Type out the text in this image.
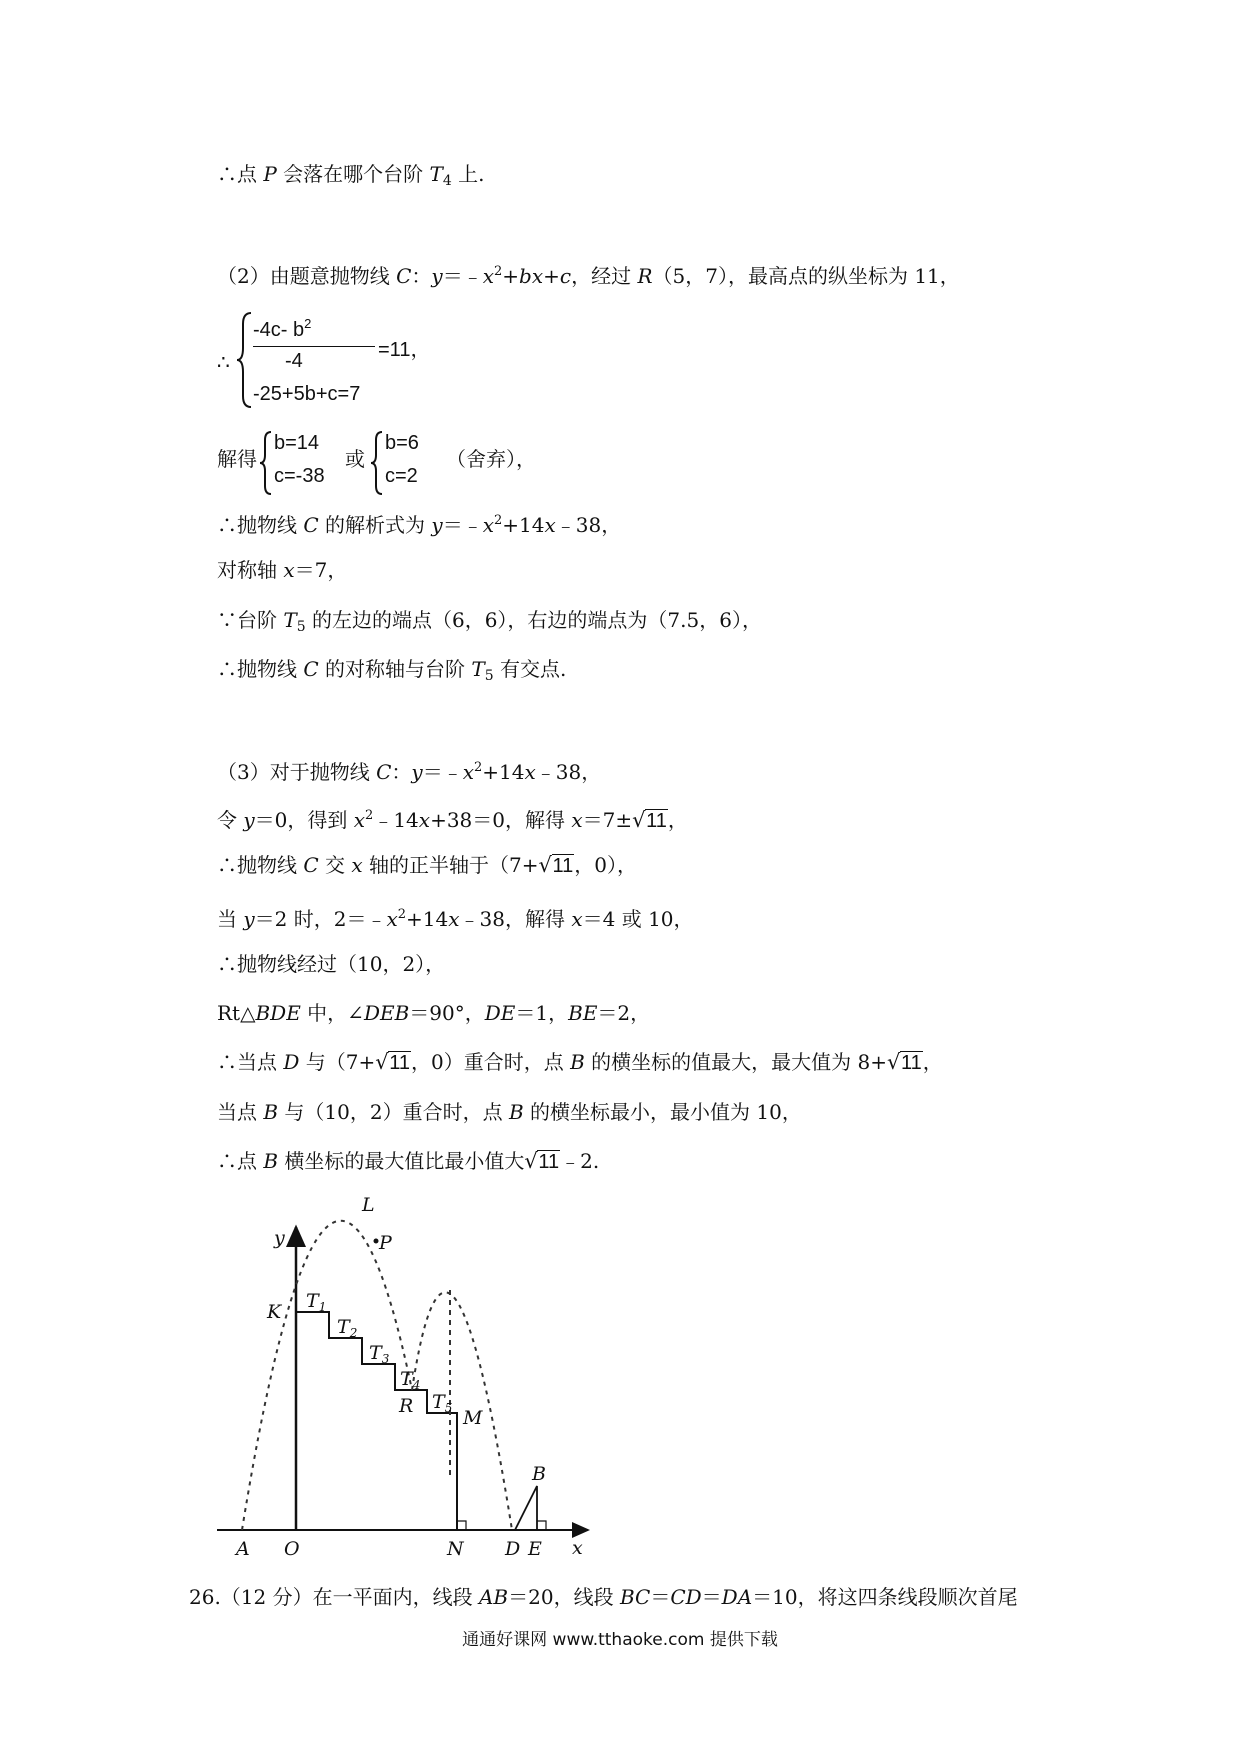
∴点 P 会落在哪个台阶 $T_4$ 上.
（2）由题意抛物线 C：$y=﹣x^2+bx+c$，经过 R（5，7），最高点的纵坐标为 11，
∴
-4c- $b^2$
-4	=11，
-25+5b+c=7
解得
b=14
c=-38
或
b=6
c=2
（舍弃），
∴抛物线 C 的解析式为 $y=﹣x^2+14x﹣38$，
对称轴 x＝7，
∵台阶 $T_5$ 的左边的端点（6，6），右边的端点为（7.5，6），
∴抛物线 C 的对称轴与台阶 $T_5$ 有交点.
（3）对于抛物线 C：$y=﹣x^2+14x﹣38$，
令 y＝0，得到 $x^2﹣14x+38=0$，解得 x＝7± √ 11，
∴抛物线 C 交 x 轴的正半轴于（7+ √ 11，0），
当 y＝2 时，$2=﹣x^2+14x﹣38$，解得 x＝4 或 10，
∴抛物线经过（10，2），
Rt△BDE 中，∠DEB＝90°，DE＝1，BE＝2，
∴当点 D 与（7+ √ 11，0）重合时，点 B 的横坐标的值最大，最大值为 8+ √ 11，
当点 B 与（10，2）重合时，点 B 的横坐标最小，最小值为 10，
∴点 B 横坐标的最大值比最小值大 √ 11﹣2.
y
x
L
P
K $T_1$
$T_2$
$T_3$
$T_4$
$T_5$
R
M
B
A O	N D E
26.（12 分）在一平面内，线段 AB＝20，线段 BC＝CD＝DA＝10，将这四条线段顺次首尾
通通好课网 www.tthaoke.com 提供下载
